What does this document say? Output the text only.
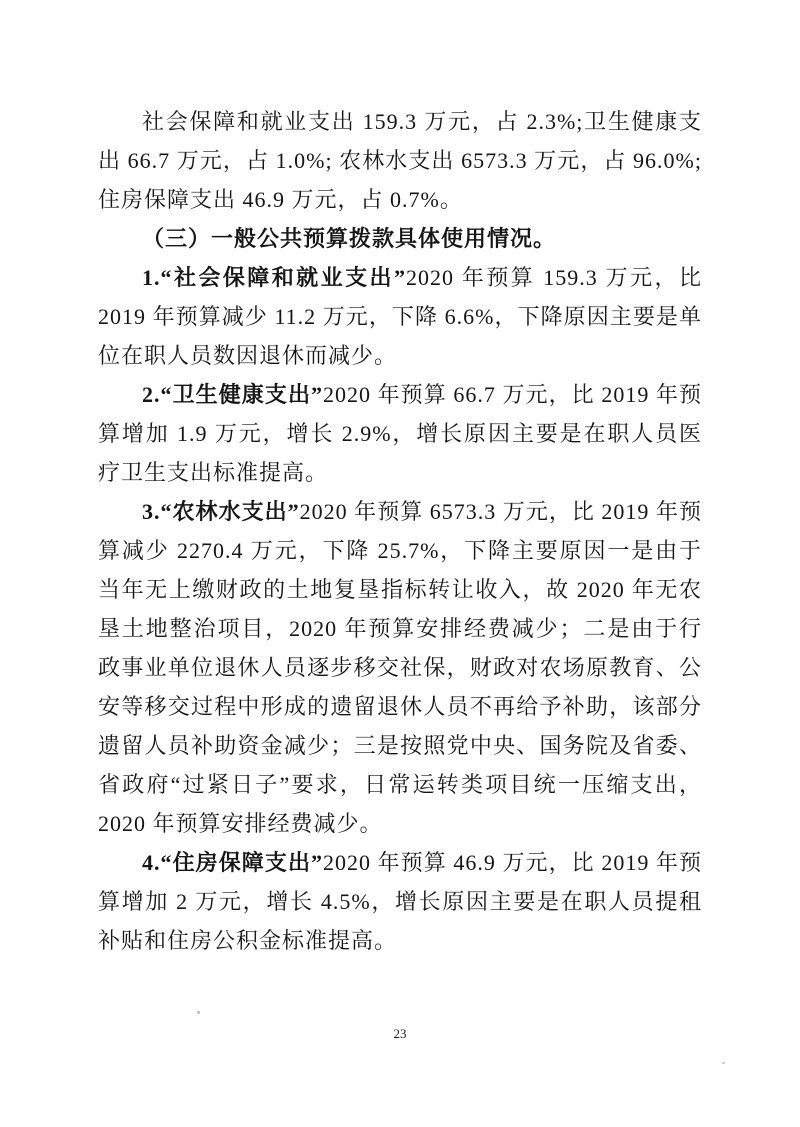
社会保障和就业支出 159.3 万元，占 2.3%;卫生健康支出 66.7 万元，占 1.0%; 农林水支出 6573.3 万元，占 96.0%; 住房保障支出 46.9 万元，占 0.7%。

（三）一般公共预算拨款具体使用情况。

1.“社会保障和就业支出”2020 年预算 159.3 万元，比 2019 年预算减少 11.2 万元，下降 6.6%，下降原因主要是单位在职人员数因退休而减少。

2.“卫生健康支出”2020 年预算 66.7 万元，比 2019 年预算增加 1.9 万元，增长 2.9%，增长原因主要是在职人员医疗卫生支出标准提高。

3.“农林水支出”2020 年预算 6573.3 万元，比 2019 年预算减少 2270.4 万元，下降 25.7%，下降主要原因一是由于当年无上缴财政的土地复垦指标转让收入，故 2020 年无农垦土地整治项目，2020 年预算安排经费减少；二是由于行政事业单位退休人员逐步移交社保，财政对农场原教育、公安等移交过程中形成的遗留退休人员不再给予补助，该部分遗留人员补助资金减少；三是按照党中央、国务院及省委、省政府“过紧日子”要求，日常运转类项目统一压缩支出，2020 年预算安排经费减少。

4.“住房保障支出”2020 年预算 46.9 万元，比 2019 年预算增加 2 万元，增长 4.5%，增长原因主要是在职人员提租补贴和住房公积金标准提高。

23
